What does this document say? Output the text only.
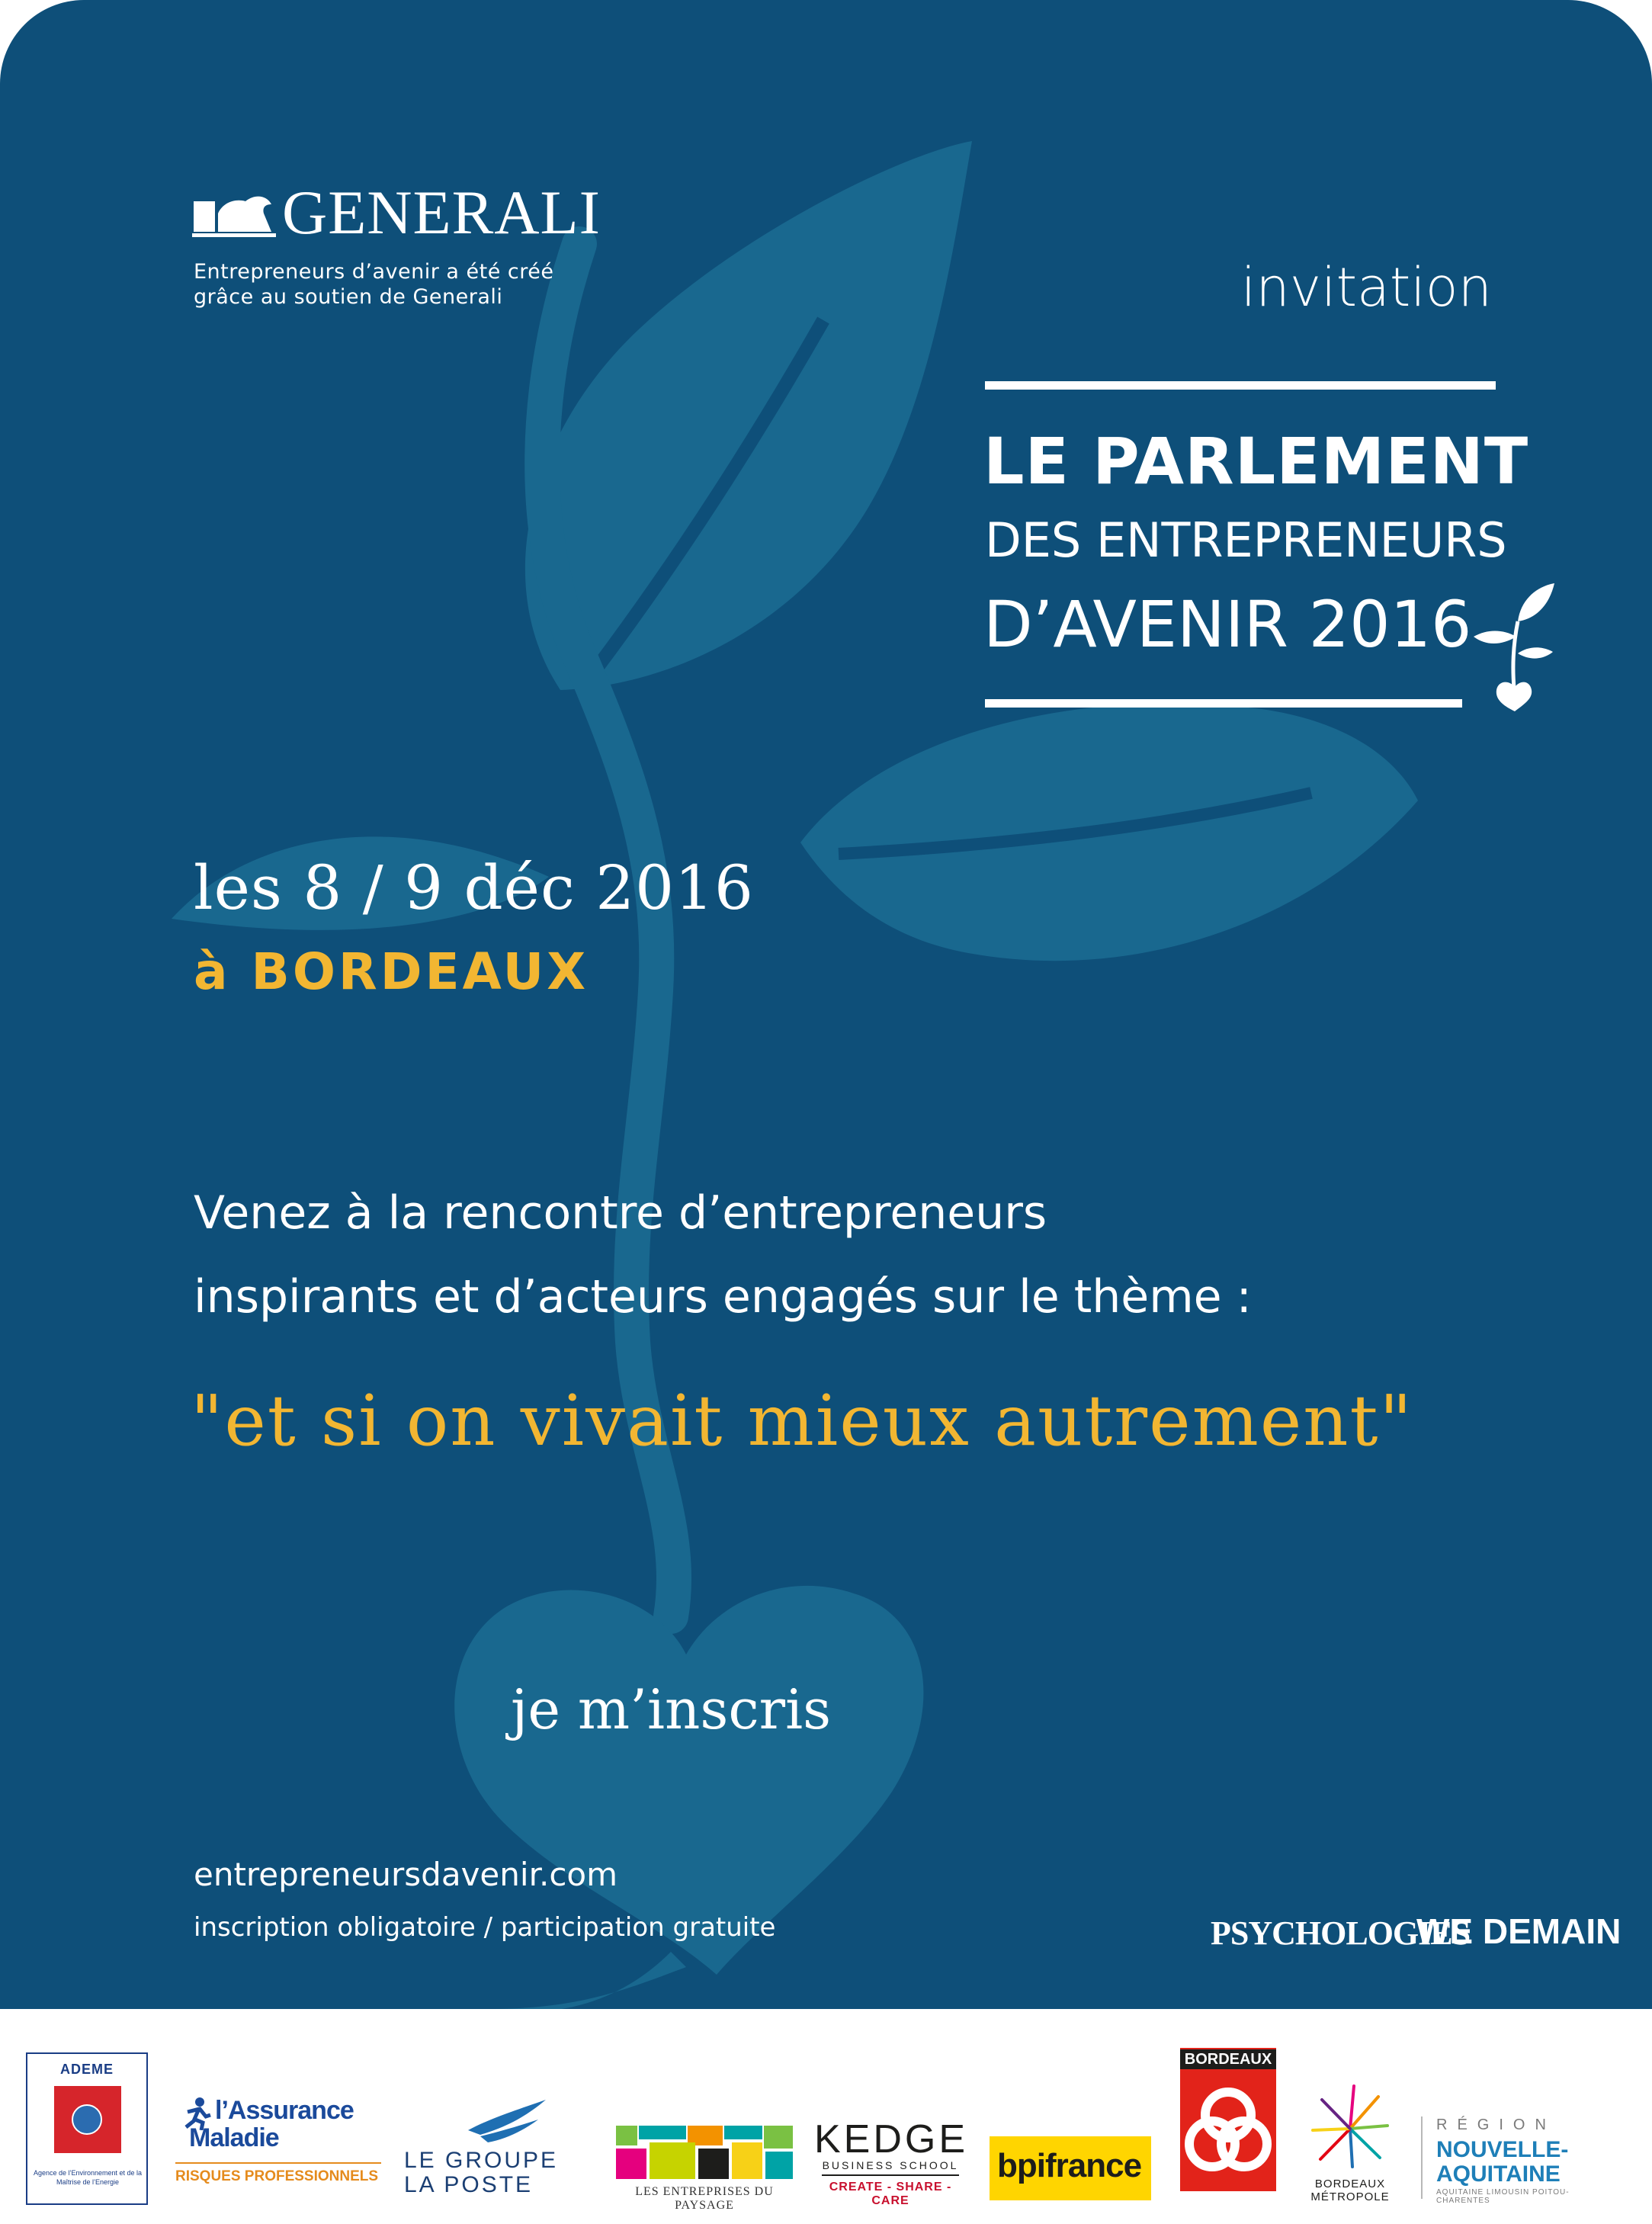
GENERALI
Entrepreneurs d’avenir a été créé
grâce au soutien de Generali	invitation
LE PARLEMENT
DES ENTREPRENEURS
D’AVENIR 2016
les 8 / 9 déc 2016
à BORDEAUX
Venez à la rencontre d’entrepreneurs
inspirants et d’acteurs engagés sur le thème :
"et si on vivait mieux autrement"
je m’inscris
entrepreneursdavenir.com
inscription obligatoire / participation gratuite	PSYCHOLOGIES
WE DEMAIN
ADEME
Agence de l’Environnement et de la Maîtrise de l’Energie
l’Assurance
Maladie
RISQUES PROFESSIONNELS
LE GROUPE
LA POSTE	LES ENTREPRISES DU PAYSAGE
KEDGE
BUSINESS SCHOOL
CREATE - SHARE - CARE
bpifrance
BORDEAUX
BORDEAUX
MÉTROPOLE
RÉGION
NOUVELLE-
AQUITAINE
AQUITAINE LIMOUSIN POITOU-CHARENTES
